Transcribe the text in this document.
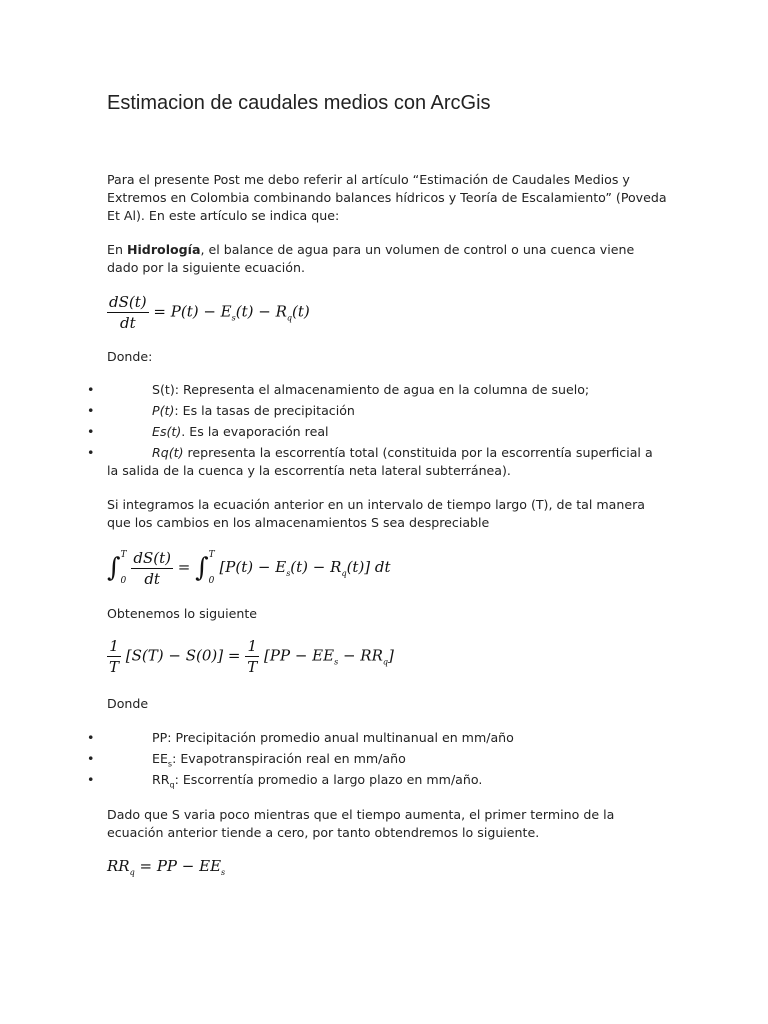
Estimacion de caudales medios con ArcGis

Para el presente Post me debo referir al artículo “Estimación de Caudales Medios y Extremos en Colombia combinando balances hídricos y Teoría de Escalamiento” (Poveda Et Al). En este artículo se indica que:

En Hidrología, el balance de agua para un volumen de control o una cuenca viene dado por la siguiente ecuación.

$\frac{dS(t)}{dt} = P(t) - E_s(t) - R_q(t)$

Donde:

•	S(t): Representa el almacenamiento de agua en la columna de suelo;
•	P(t): Es la tasas de precipitación
•	Es(t). Es la evaporación real
•	Rq(t) representa la escorrentía total (constituida por la escorrentía superficial a la salida de la cuenca y la escorrentía neta lateral subterránea).

Si integramos la ecuación anterior en un intervalo de tiempo largo (T), de tal manera que los cambios en los almacenamientos S sea despreciable

∫ T
0
$\frac{dS(t)}{dt}$ = ∫ T
0
$[P(t) - E_s(t) - R_q(t)]$ dt

Obtenemos lo siguiente

$\frac{1}{T} [S(T) - S(0)] = \frac{1}{T} [PP - EE_s - RR_q]$

Donde

•	PP: Precipitación promedio anual multinanual en mm/año
•	$EE_s$: Evapotranspiración real en mm/año
•	$RR_q$: Escorrentía promedio a largo plazo en mm/año.

Dado que S varia poco mientras que el tiempo aumenta, el primer termino de la ecuación anterior tiende a cero, por tanto obtendremos lo siguiente.

$RR_q$ = PP − $EE_s$
